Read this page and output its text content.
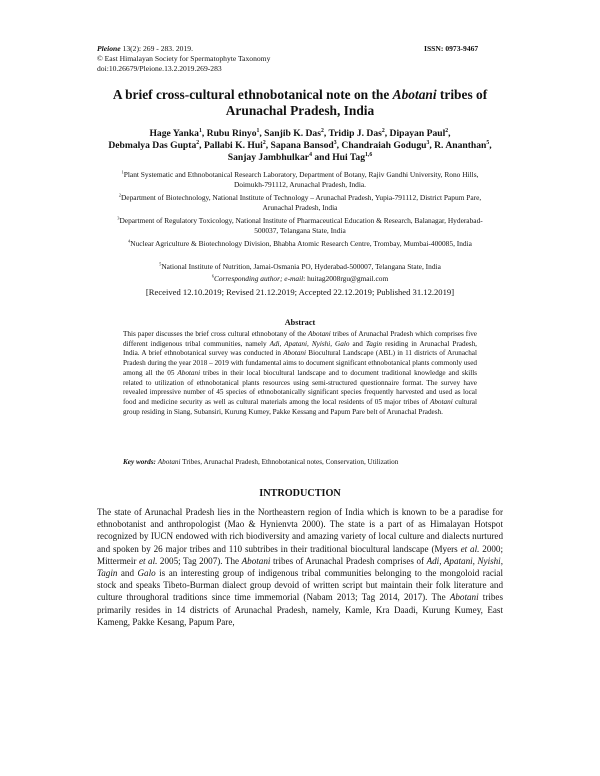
Pleione 13(2): 269 - 283. 2019.
© East Himalayan Society for Spermatophyte Taxonomy
doi:10.26679/Pleione.13.2.2019.269-283
ISSN: 0973-9467
A brief cross-cultural ethnobotanical note on the Abotani tribes of
Arunachal Pradesh, India
Hage Yanka$^1$, Rubu Rinyo$^1$, Sanjib K. Das$^2$, Tridip J. Das$^2$, Dipayan Paul$^2$,
Debmalya Das Gupta$^2$, Pallabi K. Hui$^2$, Sapana Bansod$^3$, Chandraiah Godugu$^3$, R. Ananthan$^5$, Sanjay Jambhulkar$^4$ and Hui Tag$^{1,6}$
$^1$Plant Systematic and Ethnobotanical Research Laboratory, Department of Botany, Rajiv Gandhi University, Rono Hills, Doimukh-791112, Arunachal Pradesh, India.
$^2$Department of Biotechnology, National Institute of Technology – Arunachal Pradesh, Yupia-791112, District Papum Pare, Arunachal Pradesh, India
$^3$Department of Regulatory Toxicology, National Institute of Pharmaceutical Education & Research, Balanagar, Hyderabad-500037, Telangana State, India
$^4$Nuclear Agriculture & Biotechnology Division, Bhabha Atomic Research Centre, Trombay, Mumbai-400085, India
$^5$National Institute of Nutrition, Jamai-Osmania PO, Hyderabad-500007, Telangana State, India
$^6$Corresponding author; e-mail: huitag2008rgu@gmail.com
[Received 12.10.2019; Revised 21.12.2019; Accepted 22.12.2019; Published 31.12.2019]
Abstract
This paper discusses the brief cross cultural ethnobotany of the Abotani tribes of Arunachal Pradesh which comprises five different indigenous tribal communities, namely Adi, Apatani, Nyishi, Galo and Tagin residing in Arunachal Pradesh, India. A brief ethnobotanical survey was conducted in Abotani Biocultural Landscape (ABL) in 11 districts of Arunachal Pradesh during the year 2018 – 2019 with fundamental aims to document significant ethnobotanical plants commonly used among all the 05 Abotani tribes in their local biocultural landscape and to document traditional knowledge and skills related to utilization of ethnobotanical plants resources using semi-structured questionnaire format. The survey have revealed impressive number of 45 species of ethnobotanically significant species frequently harvested and used as local food and medicine security as well as cultural materials among the local residents of 05 major tribes of Abotani cultural group residing in Siang, Subansiri, Kurung Kumey, Pakke Kessang and Papum Pare belt of Arunachal Pradesh.
Key words: Abotani Tribes, Arunachal Pradesh, Ethnobotanical notes, Conservation, Utilization
INTRODUCTION
The state of Arunachal Pradesh lies in the Northeastern region of India which is known to be a paradise for ethnobotanist and anthropologist (Mao & Hynienvta 2000). The state is a part of as Himalayan Hotspot recognized by IUCN endowed with rich biodiversity and amazing variety of local culture and dialects nurtured and spoken by 26 major tribes and 110 subtribes in their traditional biocultural landscape (Myers et al. 2000; Mittermeir et al. 2005; Tag 2007). The Abotani tribes of Arunachal Pradesh comprises of Adi, Apatani, Nyishi, Tagin and Galo is an interesting group of indigenous tribal communities belonging to the mongoloid racial stock and speaks Tibeto-Burman dialect group devoid of written script but maintain their folk literature and culture throughoral traditions since time immemorial (Nabam 2013; Tag 2014, 2017). The Abotani tribes primarily resides in 14 districts of Arunachal Pradesh, namely, Kamle, Kra Daadi, Kurung Kumey, East Kameng, Pakke Kesang, Papum Pare,
